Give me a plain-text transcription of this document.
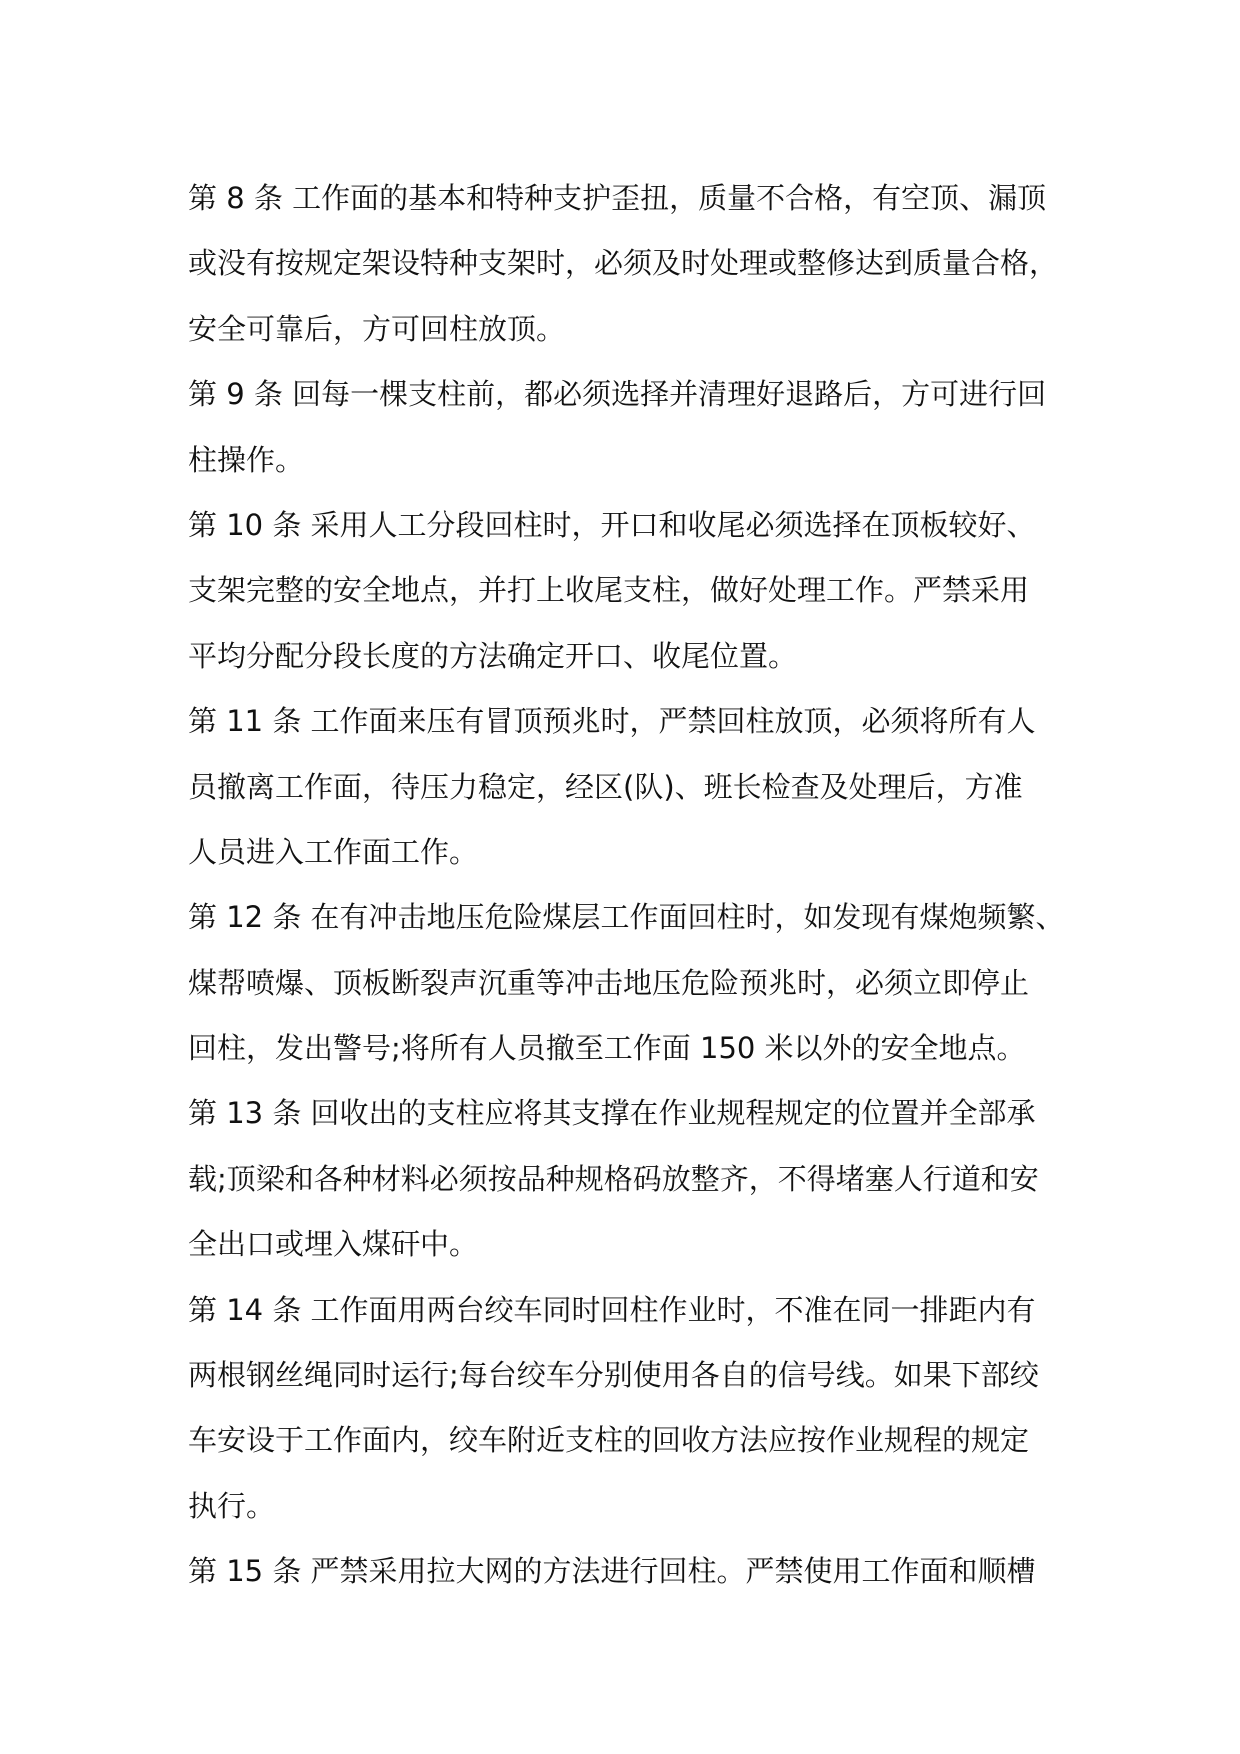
第 8 条 工作面的基本和特种支护歪扭，质量不合格，有空顶、漏顶
或没有按规定架设特种支架时，必须及时处理或整修达到质量合格，
安全可靠后，方可回柱放顶。
第 9 条 回每一棵支柱前，都必须选择并清理好退路后，方可进行回
柱操作。
第 10 条 采用人工分段回柱时，开口和收尾必须选择在顶板较好、
支架完整的安全地点，并打上收尾支柱，做好处理工作。严禁采用
平均分配分段长度的方法确定开口、收尾位置。
第 11 条 工作面来压有冒顶预兆时，严禁回柱放顶，必须将所有人
员撤离工作面，待压力稳定，经区(队)、班长检查及处理后，方准
人员进入工作面工作。
第 12 条 在有冲击地压危险煤层工作面回柱时，如发现有煤炮频繁、
煤帮喷爆、顶板断裂声沉重等冲击地压危险预兆时，必须立即停止
回柱，发出警号;将所有人员撤至工作面 150 米以外的安全地点。
第 13 条 回收出的支柱应将其支撑在作业规程规定的位置并全部承
载;顶梁和各种材料必须按品种规格码放整齐，不得堵塞人行道和安
全出口或埋入煤矸中。
第 14 条 工作面用两台绞车同时回柱作业时，不准在同一排距内有
两根钢丝绳同时运行;每台绞车分别使用各自的信号线。如果下部绞
车安设于工作面内，绞车附近支柱的回收方法应按作业规程的规定
执行。
第 15 条 严禁采用拉大网的方法进行回柱。严禁使用工作面和顺槽
